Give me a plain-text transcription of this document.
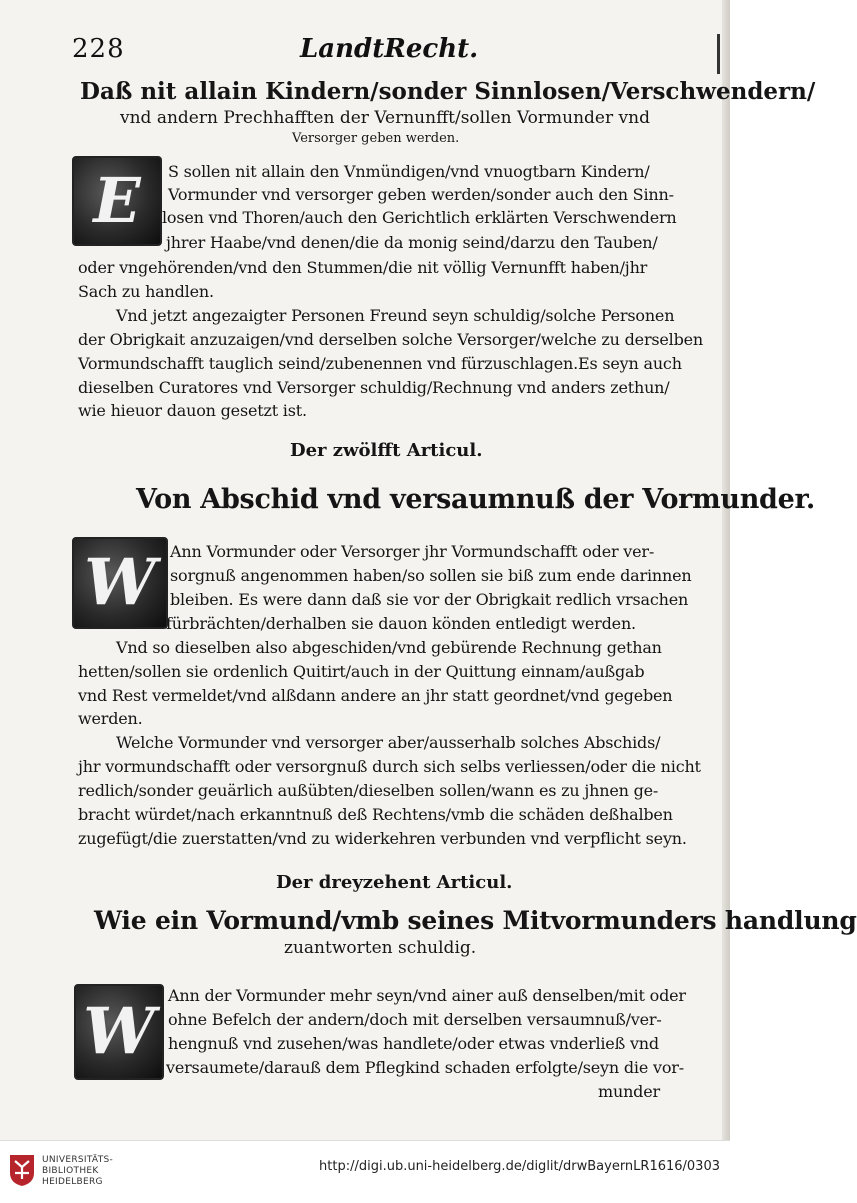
228	LandtRecht.
Daß nit allain Kindern/sonder Sinnlosen/Verschwendern/
vnd andern Prechhafften der Vernunfft/sollen Vormunder vnd
Versorger geben werden.
E	S sollen nit allain den Vnmündigen/vnd vnuogtbarn Kindern/
Vormunder vnd versorger geben werden/sonder auch den Sinn-
losen vnd Thoren/auch den Gerichtlich erklärten Verschwendern
jhrer Haabe/vnd denen/die da monig seind/darzu den Tauben/
oder vngehörenden/vnd den Stummen/die nit völlig Vernunfft haben/jhr
Sach zu handlen.
Vnd jetzt angezaigter Personen Freund seyn schuldig/solche Personen
der Obrigkait anzuzaigen/vnd derselben solche Versorger/welche zu derselben
Vormundschafft tauglich seind/zubenennen vnd fürzuschlagen.Es seyn auch
dieselben Curatores vnd Versorger schuldig/Rechnung vnd anders zethun/
wie hieuor dauon gesetzt ist.
Der zwölfft Articul.
Von Abschid vnd versaumnuß der Vormunder.
W Ann Vormunder oder Versorger jhr Vormundschafft oder ver-
sorgnuß angenommen haben/so sollen sie biß zum ende darinnen
bleiben. Es were dann daß sie vor der Obrigkait redlich vrsachen
fürbrächten/derhalben sie dauon könden entledigt werden.
Vnd so dieselben also abgeschiden/vnd gebürende Rechnung gethan
hetten/sollen sie ordenlich Quitirt/auch in der Quittung einnam/außgab
vnd Rest vermeldet/vnd alßdann andere an jhr statt geordnet/vnd gegeben
werden.
Welche Vormunder vnd versorger aber/ausserhalb solches Abschids/
jhr vormundschafft oder versorgnuß durch sich selbs verliessen/oder die nicht
redlich/sonder geuärlich außübten/dieselben sollen/wann es zu jhnen ge-
bracht würdet/nach erkanntnuß deß Rechtens/vmb die schäden deßhalben
zugefügt/die zuerstatten/vnd zu widerkehren verbunden vnd verpflicht seyn.
Der dreyzehent Articul.
Wie ein Vormund/vmb seines Mitvormunders handlung
zuantworten schuldig.
W Ann der Vormunder mehr seyn/vnd ainer auß denselben/mit oder
ohne Befelch der andern/doch mit derselben versaumnuß/ver-
hengnuß vnd zusehen/was handlete/oder etwas vnderließ vnd
versaumete/darauß dem Pflegkind schaden erfolgte/seyn die vor-
munder
UNIVERSITÄTS-
BIBLIOTHEK
HEIDELBERG
http://digi.ub.uni-heidelberg.de/diglit/drwBayernLR1616/0303
